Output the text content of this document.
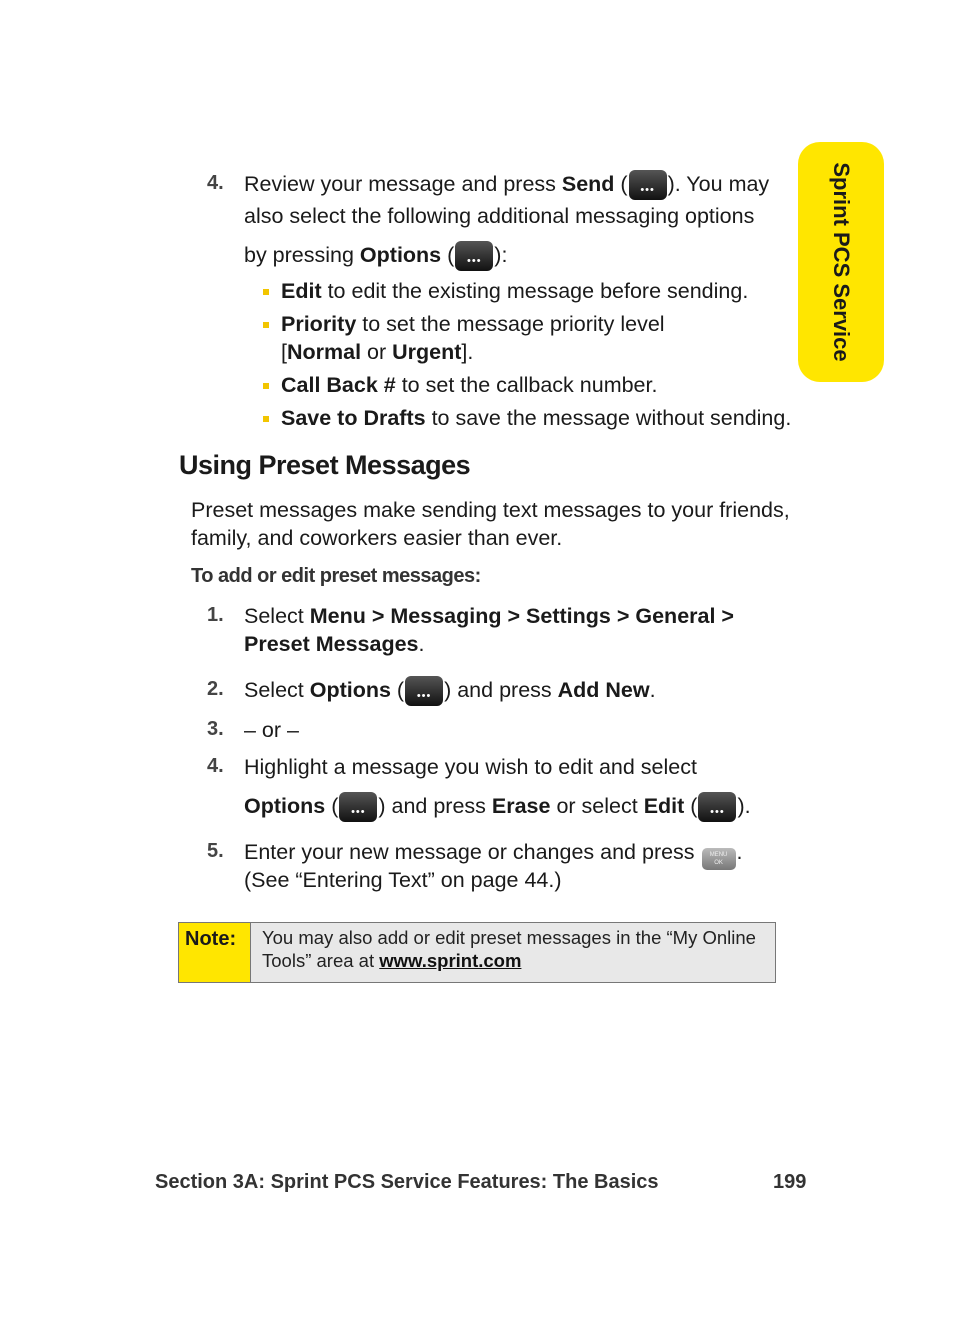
Sprint PCS Service
4. Review your message and press Send ( ••• ). You may
also select the following additional messaging options
by pressing Options ( ••• ):
Edit to edit the existing message before sending.
Priority to set the message priority level
[Normal or Urgent].
Call Back # to set the callback number.
Save to Drafts to save the message without sending.
Using Preset Messages
Preset messages make sending text messages to your friends,
family, and coworkers easier than ever.
To add or edit preset messages:
1. Select Menu > Messaging > Settings > General >
Preset Messages.
2. Select Options ( ••• ) and press Add New.
3. – or –
4. Highlight a message you wish to edit and select
Options ( ••• ) and press Erase or select Edit ( ••• ).
5. Enter your new message or changes and press MENU
OK .
(See “Entering Text” on page 44.)
Note:	You may also add or edit preset messages in the “My Online
Tools” area at www.sprint.com
Section 3A: Sprint PCS Service Features: The Basics	199
